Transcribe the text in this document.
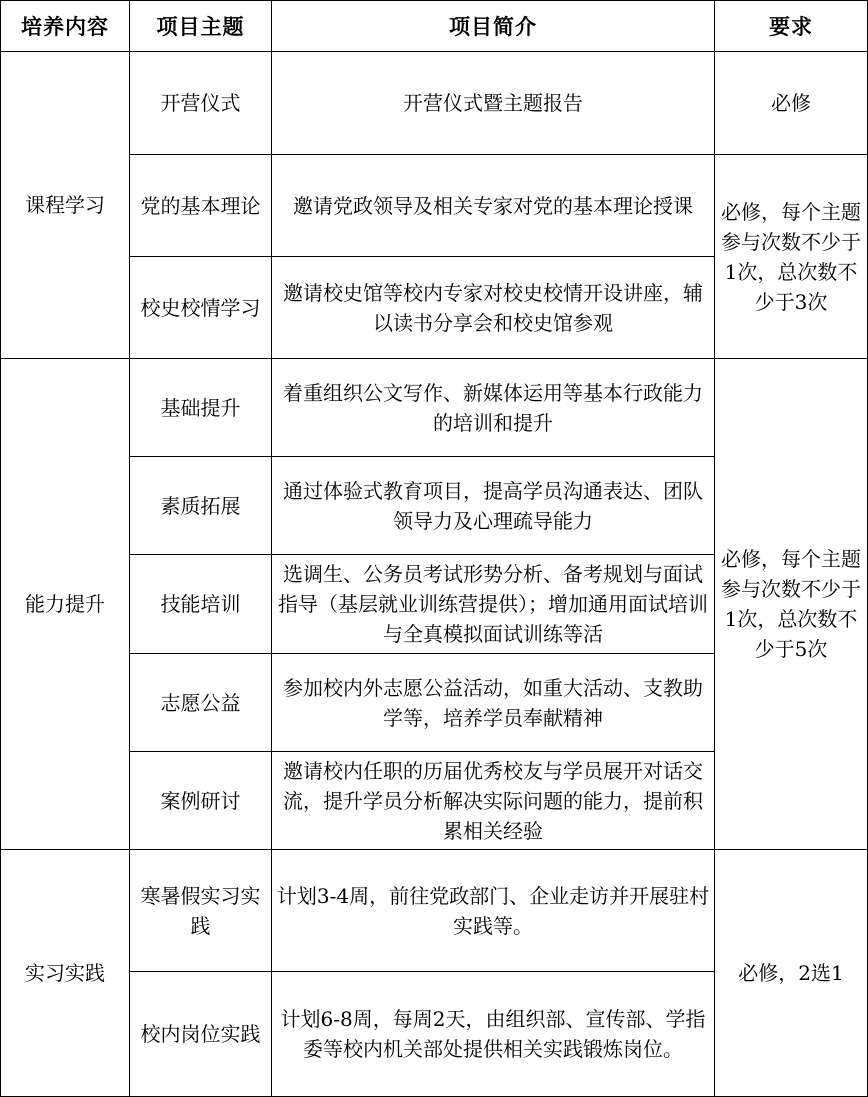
培养内容	项目主题	项目简介	要求
课程学习	开营仪式	开营仪式暨主题报告	必修
	党的基本理论	邀请党政领导及相关专家对党的基本理论授课	必修，每个主题参与次数不少于1次，总次数不少于3次
	校史校情学习	邀请校史馆等校内专家对校史校情开设讲座，辅以读书分享会和校史馆参观	
能力提升	基础提升	着重组织公文写作、新媒体运用等基本行政能力的培训和提升	必修，每个主题参与次数不少于1次，总次数不少于5次
	素质拓展	通过体验式教育项目，提高学员沟通表达、团队领导力及心理疏导能力	
	技能培训	选调生、公务员考试形势分析、备考规划与面试指导（基层就业训练营提供）；增加通用面试培训与全真模拟面试训练等活	
	志愿公益	参加校内外志愿公益活动，如重大活动、支教助学等，培养学员奉献精神	
	案例研讨	邀请校内任职的历届优秀校友与学员展开对话交流，提升学员分析解决实际问题的能力，提前积累相关经验	
实习实践	寒暑假实习实践	计划3-4周，前往党政部门、企业走访并开展驻村实践等。	必修，2选1
	校内岗位实践	计划6-8周，每周2天，由组织部、宣传部、学指委等校内机关部处提供相关实践锻炼岗位。	
